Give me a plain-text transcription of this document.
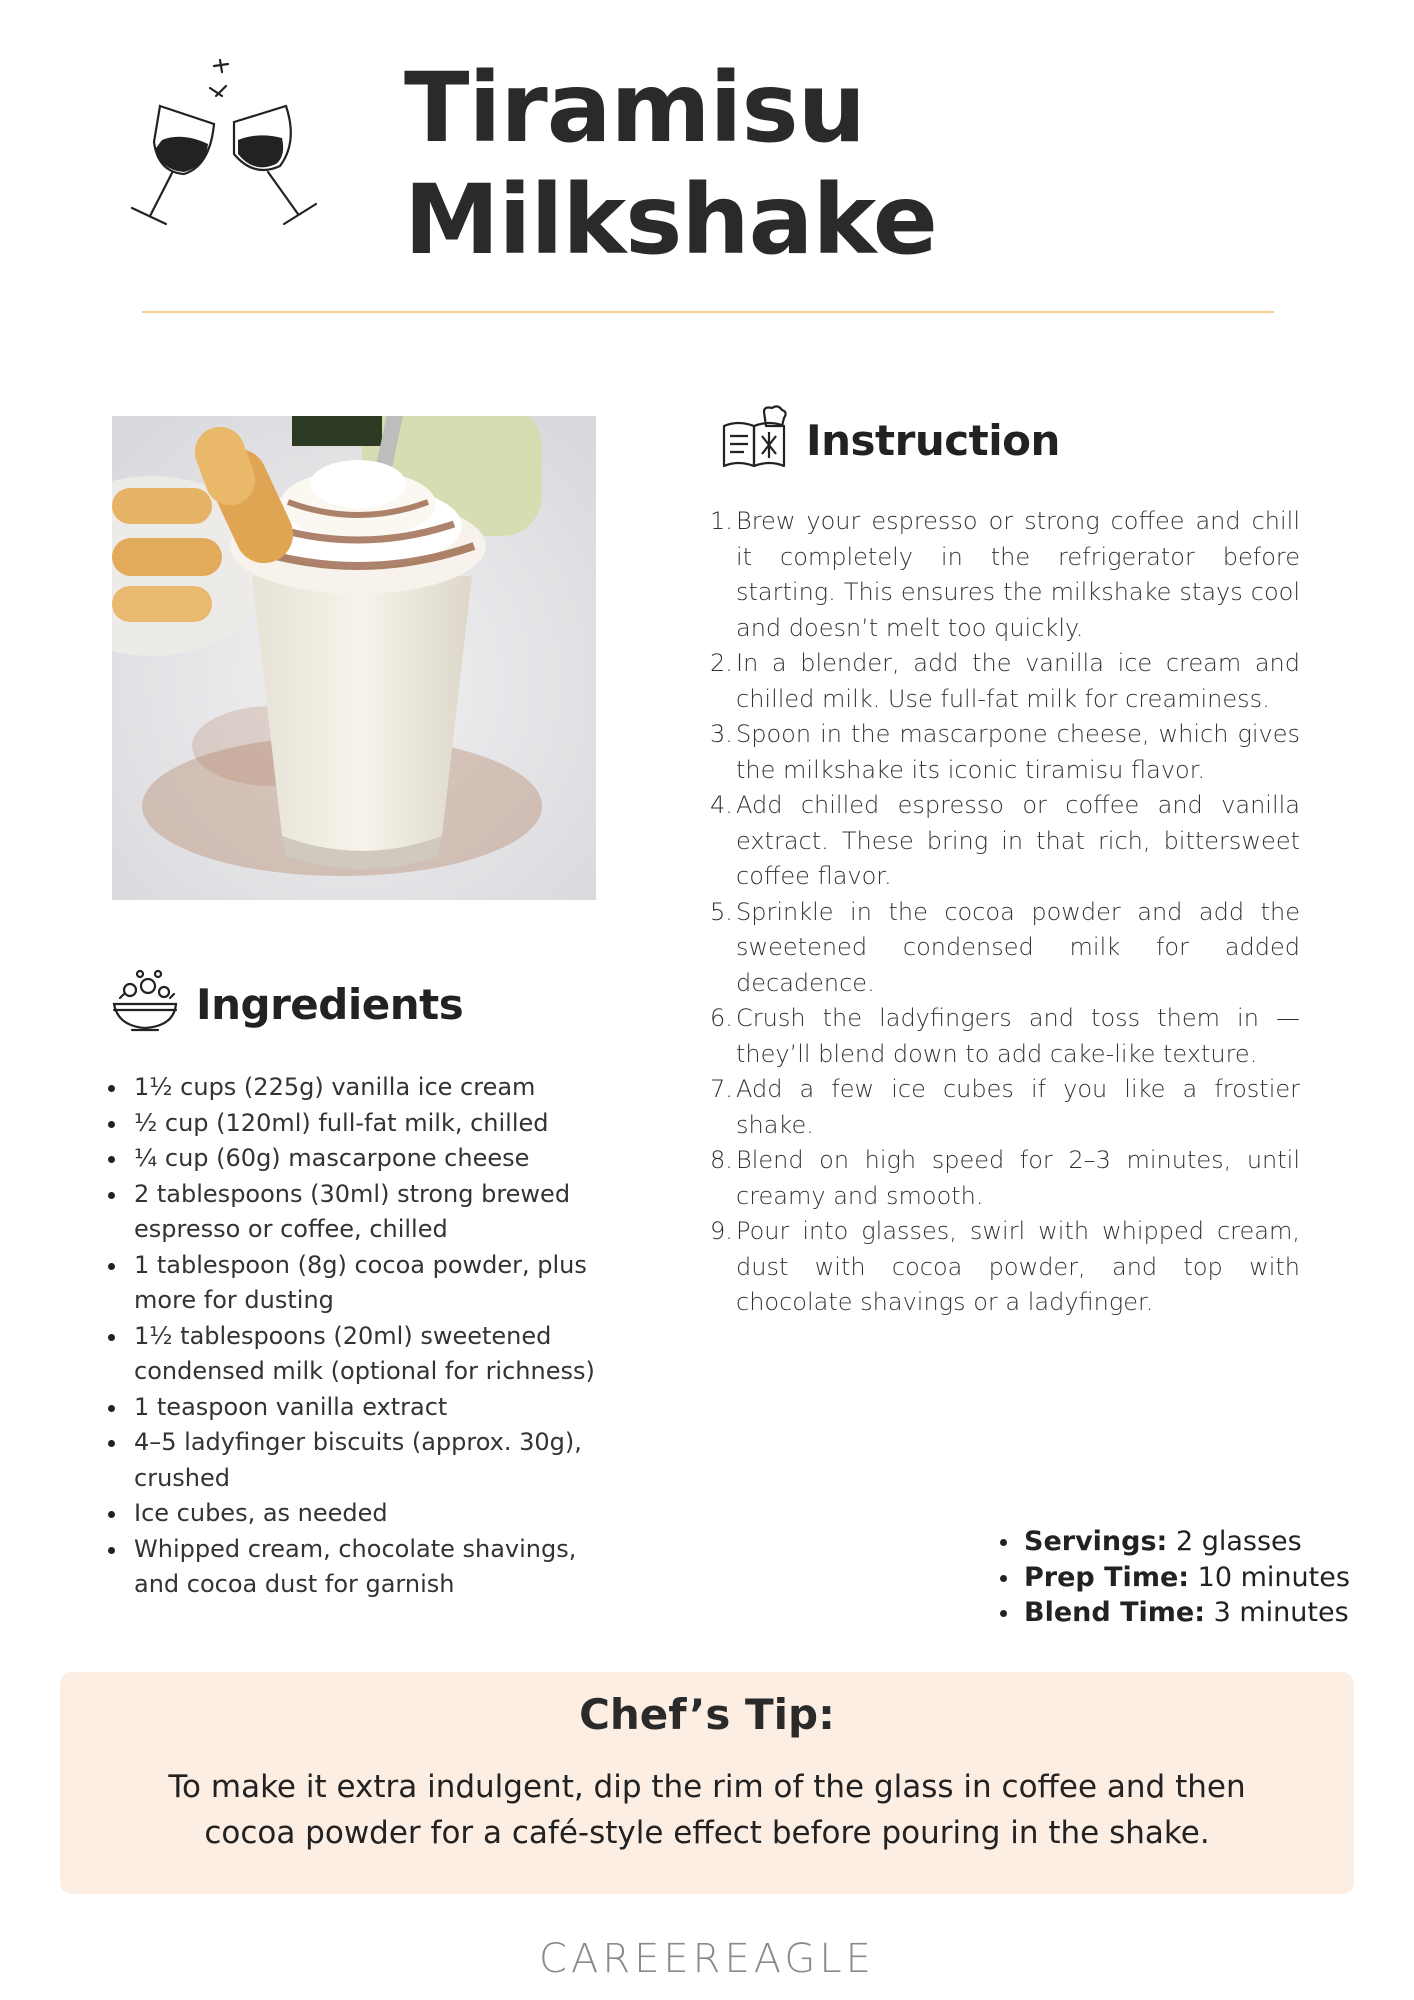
Tiramisu
Milkshake
Instruction
1. Brew your espresso or strong coffee and chill it completely in the refrigerator before starting. This ensures the milkshake stays cool and doesn’t melt too quickly.
2. In a blender, add the vanilla ice cream and chilled milk. Use full-fat milk for creaminess.
3. Spoon in the mascarpone cheese, which gives the milkshake its iconic tiramisu flavor.
4. Add chilled espresso or coffee and vanilla extract. These bring in that rich, bittersweet coffee flavor.
5. Sprinkle in the cocoa powder and add the sweetened condensed milk for added decadence.
6. Crush the ladyfingers and toss them in — they’ll blend down to add cake-like texture.
7. Add a few ice cubes if you like a frostier shake.
8. Blend on high speed for 2–3 minutes, until creamy and smooth.
9. Pour into glasses, swirl with whipped cream, dust with cocoa powder, and top with chocolate shavings or a ladyfinger.
Ingredients
1½ cups (225g) vanilla ice cream
½ cup (120ml) full-fat milk, chilled
¼ cup (60g) mascarpone cheese
2 tablespoons (30ml) strong brewed espresso or coffee, chilled
1 tablespoon (8g) cocoa powder, plus more for dusting
1½ tablespoons (20ml) sweetened condensed milk (optional for richness)
1 teaspoon vanilla extract
4–5 ladyfinger biscuits (approx. 30g), crushed
Ice cubes, as needed
Whipped cream, chocolate shavings, and cocoa dust for garnish
Servings: 2 glasses
Prep Time: 10 minutes
Blend Time: 3 minutes
Chef’s Tip:
To make it extra indulgent, dip the rim of the glass in coffee and then cocoa powder for a café-style effect before pouring in the shake.
CAREEREAGLE
